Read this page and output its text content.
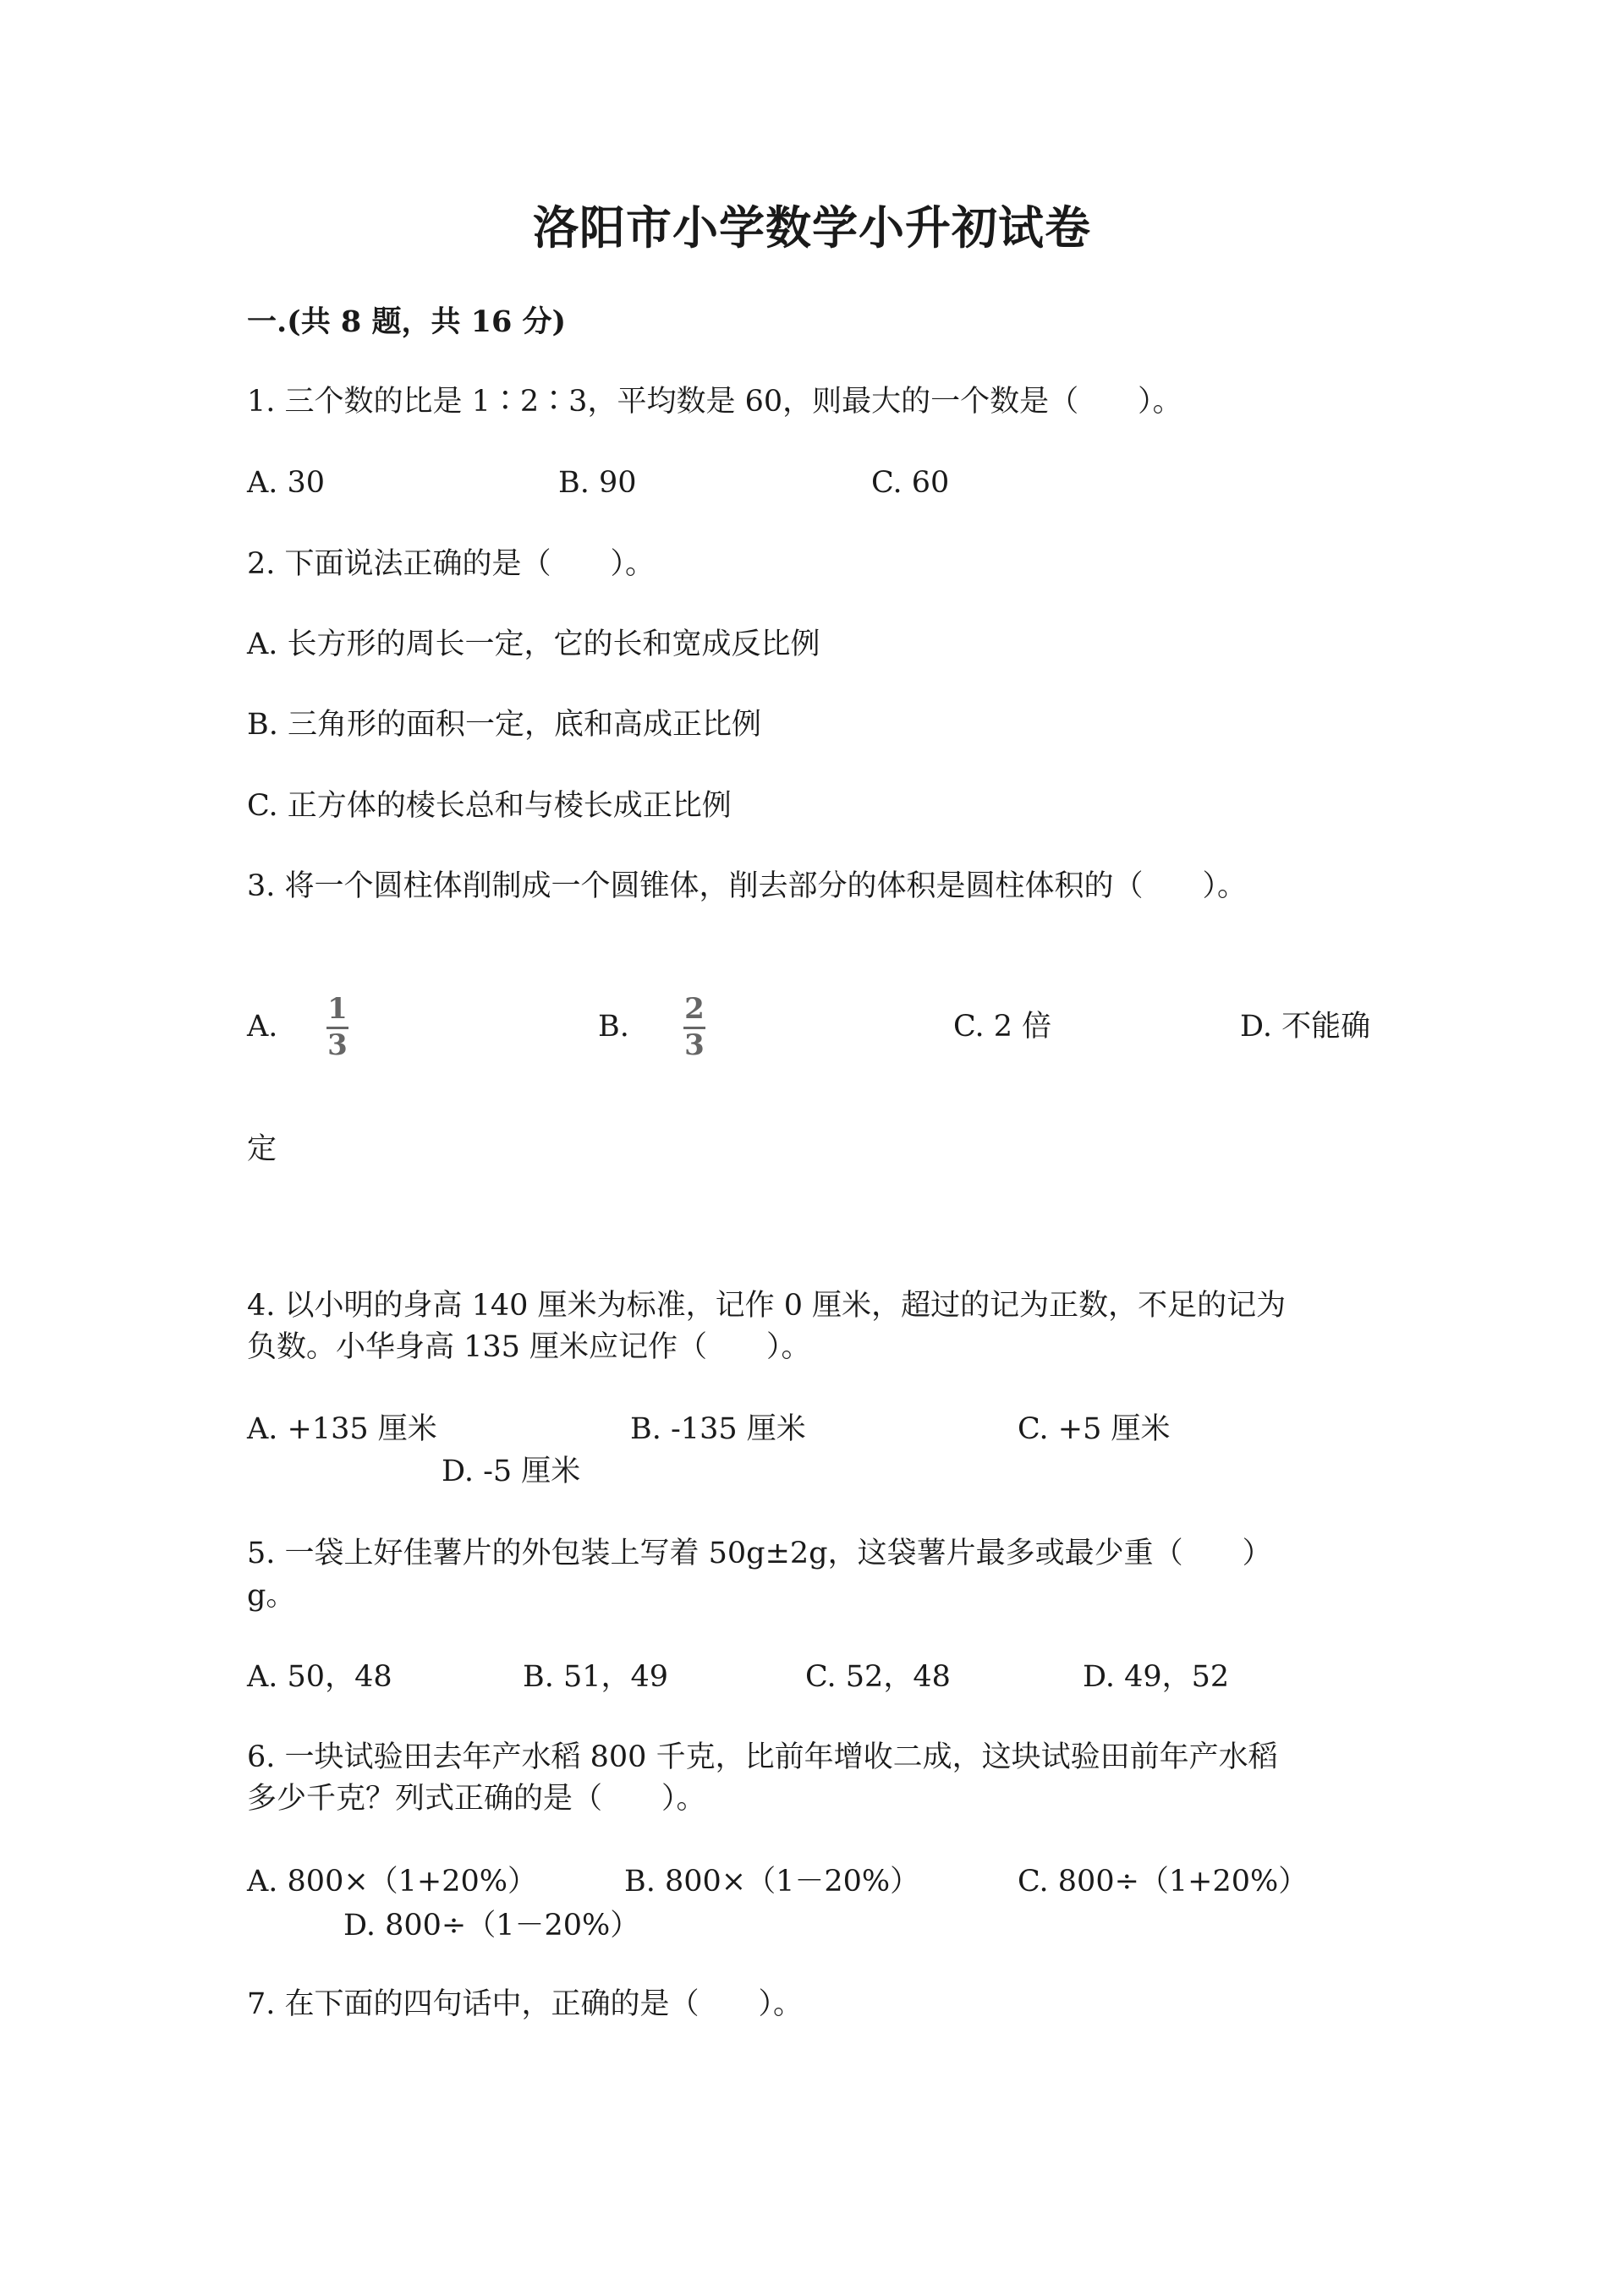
洛阳市小学数学小升初试卷
一.(共 8 题，共 16 分)
1. 三个数的比是 1∶2∶3，平均数是 60，则最大的一个数是（　　）。
A. 30	B. 90	C. 60
2. 下面说法正确的是（　　）。
A. 长方形的周长一定，它的长和宽成反比例
B. 三角形的面积一定，底和高成正比例
C. 正方体的棱长总和与棱长成正比例
3. 将一个圆柱体削制成一个圆锥体，削去部分的体积是圆柱体积的（　　）。
A.
1
3
B.
2
3
C. 2 倍	D. 不能确
定
4. 以小明的身高 140 厘米为标准，记作 0 厘米，超过的记为正数，不足的记为
负数。小华身高 135 厘米应记作（　　）。
A. +135 厘米	B. -135 厘米	C. +5 厘米
D. -5 厘米
5. 一袋上好佳薯片的外包装上写着 50g±2g，这袋薯片最多或最少重（　　）
g。
A. 50，48	B. 51，49	C. 52，48	D. 49，52
6. 一块试验田去年产水稻 800 千克，比前年增收二成，这块试验田前年产水稻
多少千克？列式正确的是（　　）。
A. 800×（1+20%）	B. 800×（1－20%）	C. 800÷（1+20%）
D. 800÷（1－20%）
7. 在下面的四句话中，正确的是（　　）。
